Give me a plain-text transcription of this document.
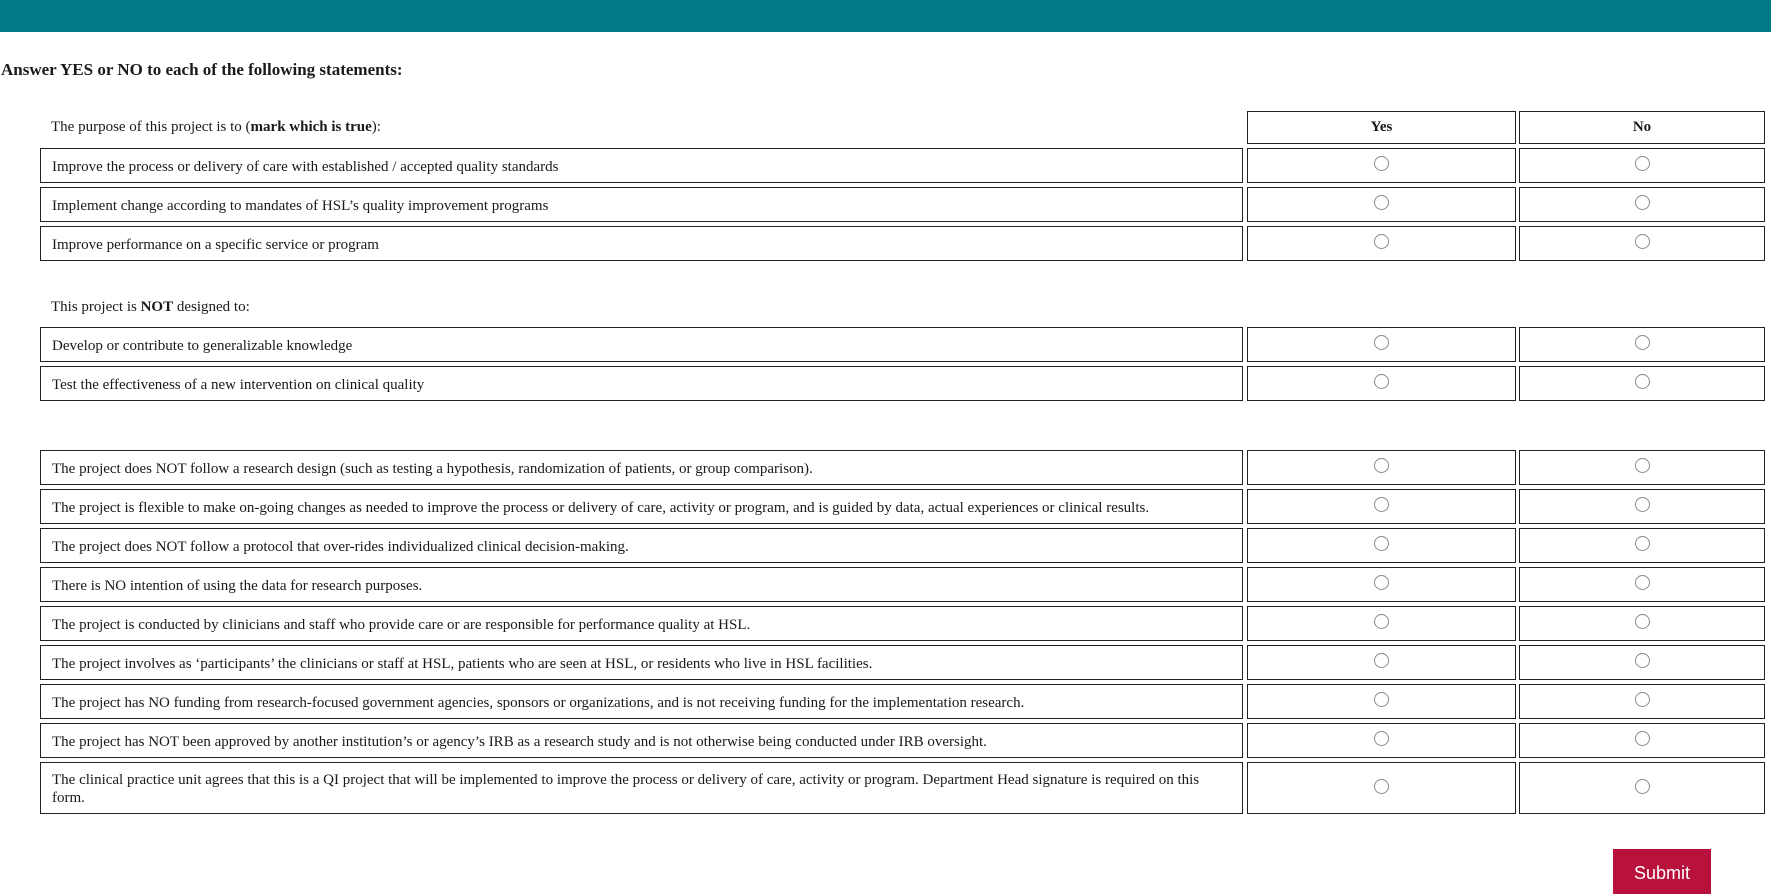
Answer YES or NO to each of the following statements:
The purpose of this project is to (mark which is true):	Yes	No
Improve the process or delivery of care with established / accepted quality standards
Implement change according to mandates of HSL’s quality improvement programs
Improve performance on a specific service or program
This project is NOT designed to:
Develop or contribute to generalizable knowledge
Test the effectiveness of a new intervention on clinical quality
The project does NOT follow a research design (such as testing a hypothesis, randomization of patients, or group comparison).
The project is flexible to make on-going changes as needed to improve the process or delivery of care, activity or program, and is guided by data, actual experiences or clinical results.
The project does NOT follow a protocol that over-rides individualized clinical decision-making.
There is NO intention of using the data for research purposes.
The project is conducted by clinicians and staff who provide care or are responsible for performance quality at HSL.
The project involves as ‘participants’ the clinicians or staff at HSL, patients who are seen at HSL, or residents who live in HSL facilities.
The project has NO funding from research-focused government agencies, sponsors or organizations, and is not receiving funding for the implementation research.
The project has NOT been approved by another institution’s or agency’s IRB as a research study and is not otherwise being conducted under IRB oversight.
The clinical practice unit agrees that this is a QI project that will be implemented to improve the process or delivery of care, activity or program. Department Head signature is required on this form.
Submit
